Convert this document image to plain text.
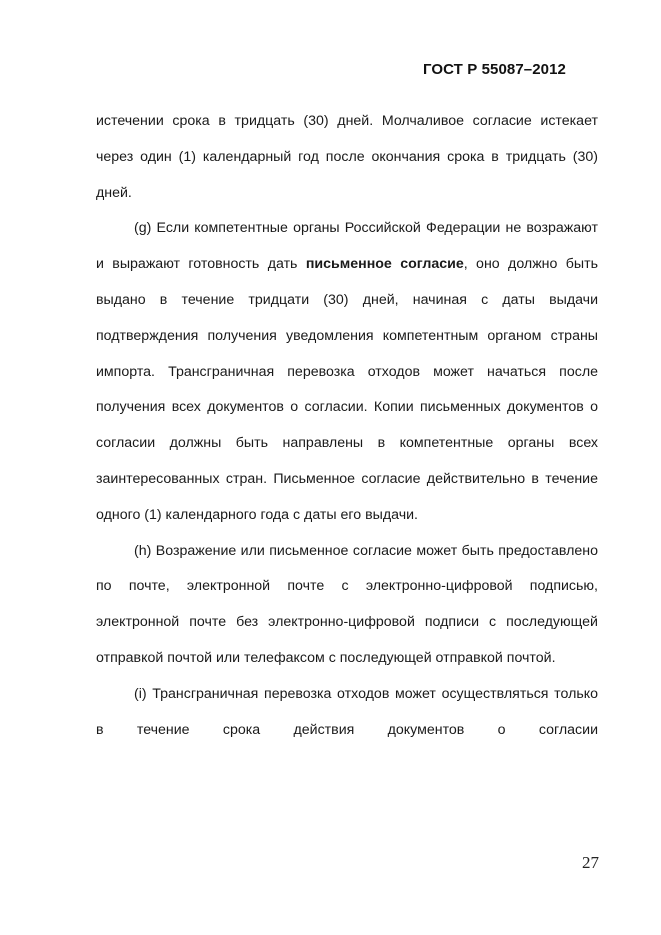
ГОСТ Р 55087–2012

истечении срока в тридцать (30) дней. Молчаливое согласие истекает через один (1) календарный год после окончания срока в тридцать (30) дней.

(g) Если компетентные органы Российской Федерации не возражают и выражают готовность дать письменное согласие, оно должно быть выдано в течение тридцати (30) дней, начиная с даты выдачи подтверждения получения уведомления компетентным органом страны импорта. Трансграничная перевозка отходов может начаться после получения всех документов о согласии. Копии письменных документов о согласии должны быть направлены в компетентные органы всех заинтересованных стран. Письменное согласие действительно в течение одного (1) календарного года с даты его выдачи.

(h) Возражение или письменное согласие может быть предоставлено по почте, электронной почте с электронно-цифровой подписью, электронной почте без электронно-цифровой подписи с последующей отправкой почтой или телефаксом с последующей отправкой почтой.

(i) Трансграничная перевозка отходов может осуществляться только в течение срока действия документов о согласии

27
